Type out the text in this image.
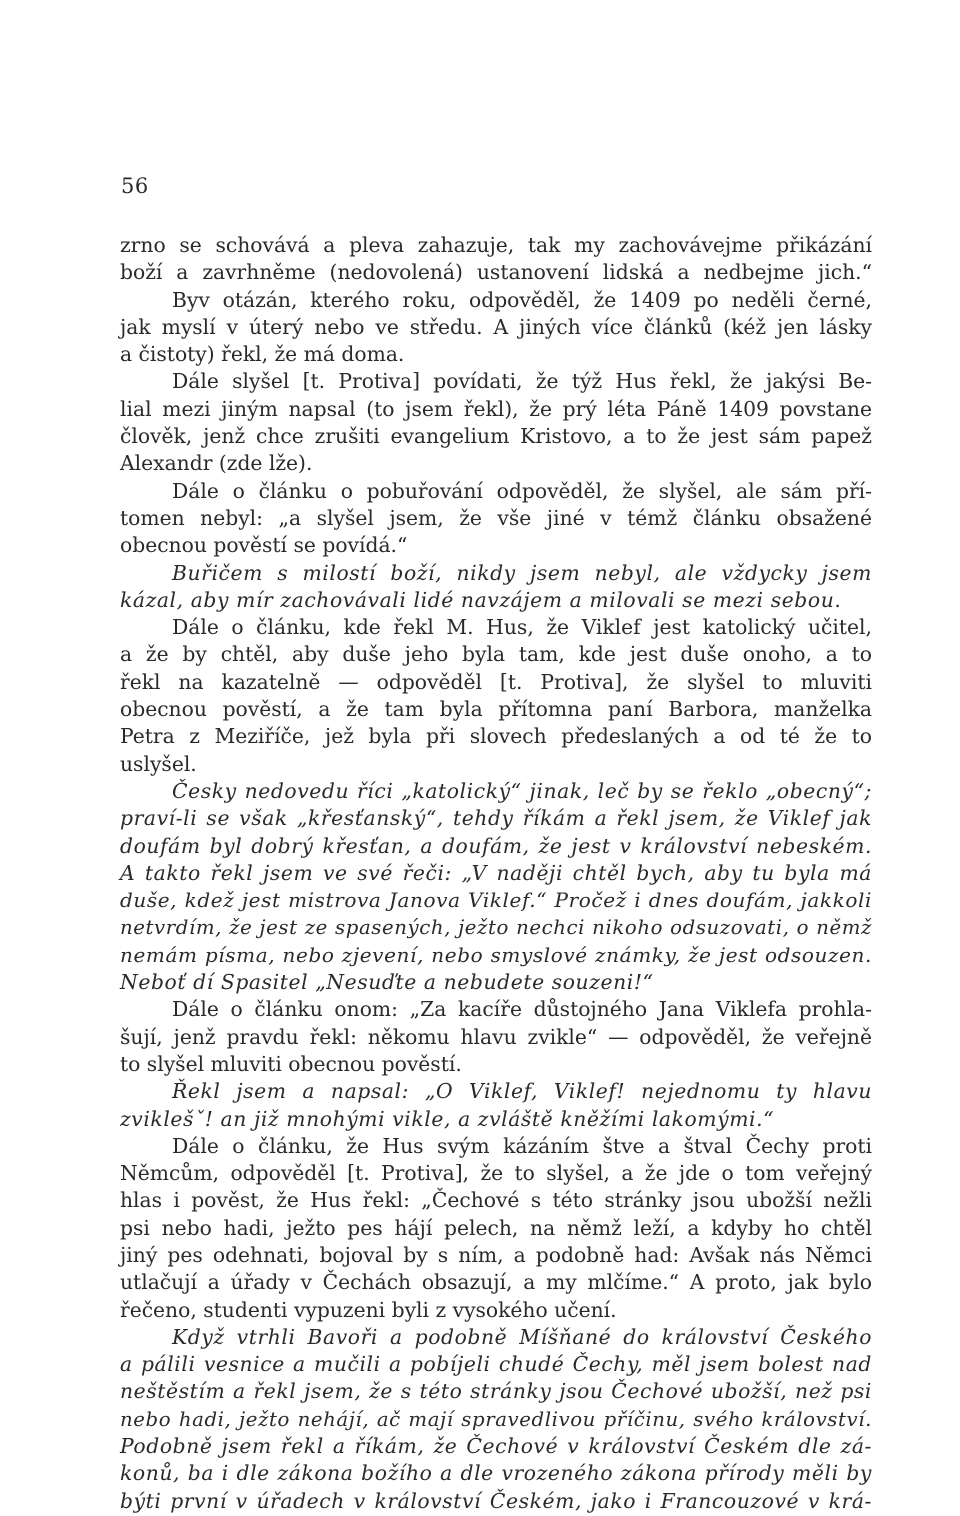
56
zrno se schovává a pleva zahazuje, tak my zachovávejme přikázání
boží a zavrhněme (nedovolená) ustanovení lidská a nedbejme jich.“
Byv otázán, kterého roku, odpověděl, že 1409 po neděli černé,
jak myslí v úterý nebo ve středu. A jiných více článků (kéž jen lásky
a čistoty) řekl, že má doma.
Dále slyšel [t. Protiva] povídati, že týž Hus řekl, že jakýsi Be-
lial mezi jiným napsal (to jsem řekl), že prý léta Páně 1409 povstane
člověk, jenž chce zrušiti evangelium Kristovo, a to že jest sám papež
Alexandr (zde lže).
Dále o článku o pobuřování odpověděl, že slyšel, ale sám pří-
tomen nebyl: „a slyšel jsem, že vše jiné v témž článku obsažené
obecnou pověstí se povídá.“
Buřičem s milostí boží, nikdy jsem nebyl, ale vždycky jsem
kázal, aby mír zachovávali lidé navzájem a milovali se mezi sebou.
Dále o článku, kde řekl M. Hus, že Viklef jest katolický učitel,
a že by chtěl, aby duše jeho byla tam, kde jest duše onoho, a to
řekl na kazatelně — odpověděl [t. Protiva], že slyšel to mluviti
obecnou pověstí, a že tam byla přítomna paní Barbora, manželka
Petra z Meziříče, jež byla při slovech předeslaných a od té že to
uslyšel.
Česky nedovedu říci „katolický“ jinak, leč by se řeklo „obecný“;
praví-li se však „křesťanský“, tehdy říkám a řekl jsem, že Viklef jak
doufám byl dobrý křesťan, a doufám, že jest v království nebeském.
A takto řekl jsem ve své řeči: „V naději chtěl bych, aby tu byla má
duše, kdež jest mistrova Janova Viklef.“ Pročež i dnes doufám, jakkoli
netvrdím, že jest ze spasených, ježto nechci nikoho odsuzovati, o němž
nemám písma, nebo zjevení, nebo smyslové známky, že jest odsouzen.
Neboť dí Spasitel „Nesuďte a nebudete souzeni!“
Dále o článku onom: „Za kacíře důstojného Jana Viklefa prohla-
šují, jenž pravdu řekl: někomu hlavu zvikle“ — odpověděl, že veřejně
to slyšel mluviti obecnou pověstí.
Řekl jsem a napsal: „O Viklef, Viklef! nejednomu ty hlavu
zviklešˇ! an již mnohými vikle, a zvláště kněžími lakomými.“
Dále o článku, že Hus svým kázáním štve a štval Čechy proti
Němcům, odpověděl [t. Protiva], že to slyšel, a že jde o tom veřejný
hlas i pověst, že Hus řekl: „Čechové s této stránky jsou ubožší nežli
psi nebo hadi, ježto pes hájí pelech, na němž leží, a kdyby ho chtěl
jiný pes odehnati, bojoval by s ním, a podobně had: Avšak nás Němci
utlačují a úřady v Čechách obsazují, a my mlčíme.“ A proto, jak bylo
řečeno, studenti vypuzeni byli z vysokého učení.
Když vtrhli Bavoři a podobně Míšňané do království Českého
a pálili vesnice a mučili a pobíjeli chudé Čechy, měl jsem bolest nad
neštěstím a řekl jsem, že s této stránky jsou Čechové ubožší, než psi
nebo hadi, ježto nehájí, ač mají spravedlivou příčinu, svého království.
Podobně jsem řekl a říkám, že Čechové v království Českém dle zá-
konů, ba i dle zákona božího a dle vrozeného zákona přírody měli by
býti první v úřadech v království Českém, jako i Francouzové v krá-
